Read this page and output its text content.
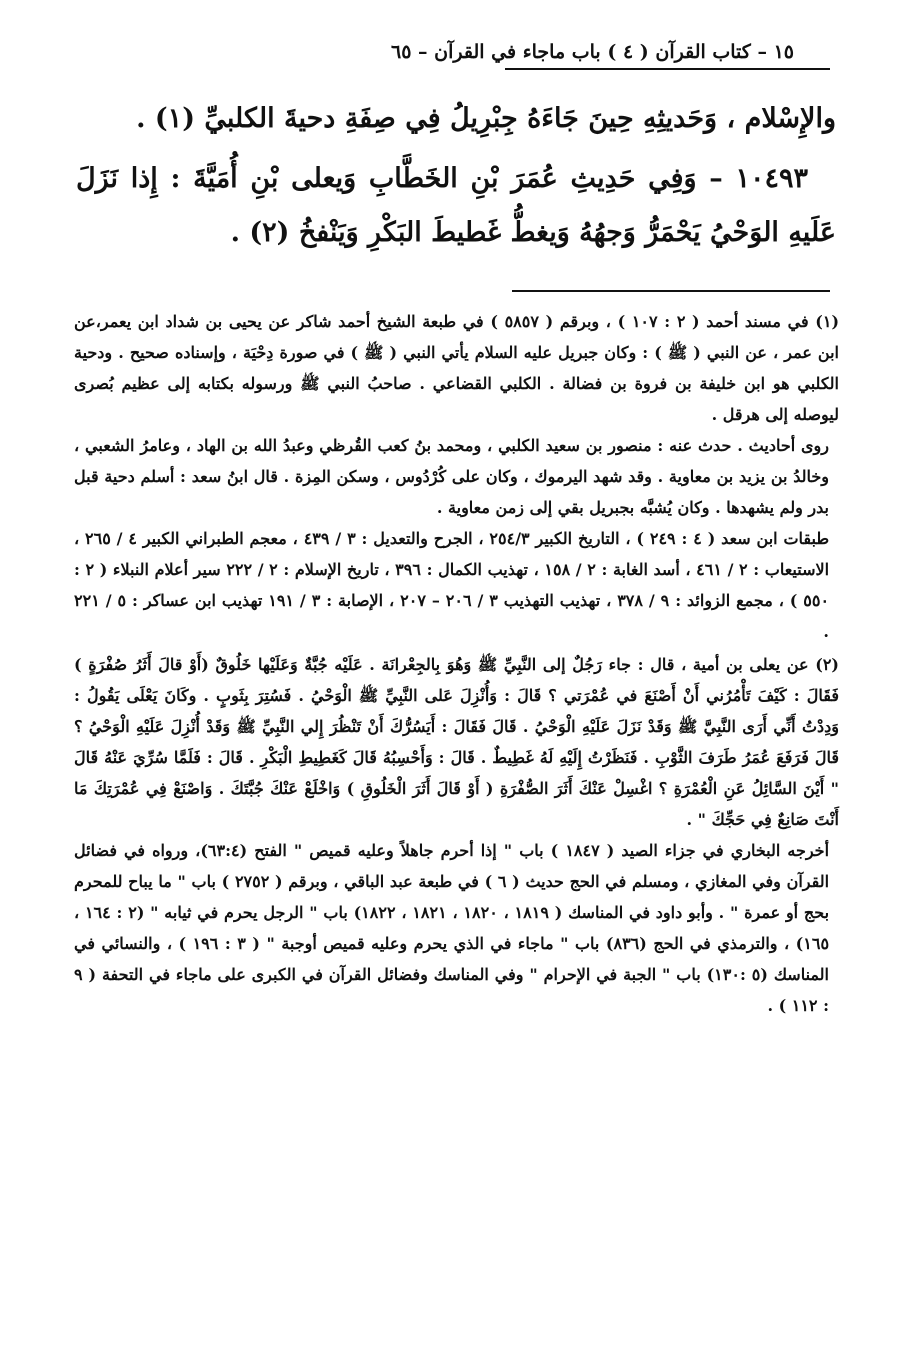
١٥ – كتاب القرآن ( ٤ ) باب ماجاء في القرآن – ٦٥

والإِسْلام ، وَحَديثِهِ حِينَ جَاءَهُ جِبْرِيلُ فِي صِفَةِ دحيةَ الكلبيِّ (١) .

١٠٤٩٣ – وَفِي حَدِيثِ عُمَرَ بْنِ الخَطَّابِ وَيعلى بْنِ أُمَيَّةَ : إِذا نَزَلَ عَلَيهِ الوَحْيُ يَحْمَرُّ وَجهُهُ وَيغطُّ غَطيطَ البَكْرِ وَيَنْفخُ (٢) .

(١) في مسند أحمد ( ٢ : ١٠٧ ) ، وبرقم ( ٥٨٥٧ ) في طبعة الشيخ أحمد شاكر عن يحيى بن شداد ابن يعمر،عن ابن عمر ، عن النبي ( ﷺ ) : وكان جبريل عليه السلام يأتي النبي ( ﷺ ) في صورة دِحْيَة ، وإسناده صحيح . ودحية الكلبي هو ابن خليفة بن فروة بن فضالة . الكلبي القضاعي . صاحبُ النبي ﷺ ورسوله بكتابه إلى عظيم بُصرى ليوصله إلى هرقل .

روى أحاديث . حدث عنه : منصور بن سعيد الكلبي ، ومحمد بنُ كعب القُرظي وعبدُ الله بن الهاد ، وعامرُ الشعبي ، وخالدُ بن يزيد بن معاوية . وقد شهد اليرموك ، وكان على كُرْدُوس ، وسكن المِزة . قال ابنُ سعد : أسلم دحية قبل بدر ولم يشهدها . وكان يُشبَّه بجبريل بقي إلى زمن معاوية .

طبقات ابن سعد ( ٤ : ٢٤٩ ) ، التاريخ الكبير ٢٥٤/٣ ، الجرح والتعديل : ٣ / ٤٣٩ ، معجم الطبراني الكبير ٤ / ٢٦٥ ، الاستيعاب : ٢ / ٤٦١ ، أسد الغابة : ٢ / ١٥٨ ، تهذيب الكمال : ٣٩٦ ، تاريخ الإسلام : ٢ / ٢٢٢ سير أعلام النبلاء ( ٢ : ٥٥٠ ) ، مجمع الزوائد : ٩ / ٣٧٨ ، تهذيب التهذيب ٣ / ٢٠٦ – ٢٠٧ ، الإصابة : ٣ / ١٩١ تهذيب ابن عساكر : ٥ / ٢٢١ .

(٢) عن يعلى بن أمية ، قال : جاء رَجُلٌ إلى النَّبِيِّ ﷺ وَهُوَ بِالجِعْرانَة . عَلَيْه جُبَّةٌ وَعَلَيْها خَلُوقٌ (أَوْ قالَ أَثَرُ صُفْرَةٍ ) فَقَالَ : كَيْفَ تَأْمُرُني أَنْ أَصْنَعَ في عُمْرَتي ؟ قَالَ : وَأُنْزِلَ عَلى النَّبِيِّ ﷺ الْوَحْيُ . فَسُتِرَ بِثَوبٍ . وكَانَ يَعْلَى يَقُولُ : وَدِدْتُ أَنِّي أَرَى النَّبِيَّ ﷺ وَقَدْ نَزَلَ عَلَيْهِ الْوَحْيُ . قَالَ فَقَالَ : أَيَسُرُّكَ أَنْ تَنْظُرَ إِلي النَّبِيِّ ﷺ وَقَدْ أُنْزِلَ عَلَيْهِ الْوَحْيُ ؟ قَالَ فَرَفَعَ عُمَرُ طَرَفَ الثَّوْبِ . فَنَظَرْتُ إِلَيْهِ لَهُ غَطِيطٌ . قَالَ : وَأَحْسِبُهُ قَالَ كَغَطِيطِ الْبَكْرِ . قَالَ : فَلَمَّا سُرِّيَ عَنْهُ قَالَ " أَيْنَ السَّائِلُ عَنِ الْعُمْرَةِ ؟ اغْسِلْ عَنْكَ أَثَرَ الصُّفْرَةِ ( أَوْ قَالَ أَثَرَ الْخَلُوقِ ) وَاخْلَعْ عَنْكَ جُبَّتَكَ . وَاصْنَعْ فِي عُمْرَتِكَ مَا أَنْتَ صَانِعٌ فِي حَجِّكَ " .

أخرجه البخاري في جزاء الصيد ( ١٨٤٧ ) باب " إذا أحرم جاهلاً وعليه قميص " الفتح (٦٣:٤)، ورواه في فضائل القرآن وفي المغازي ، ومسلم في الحج حديث ( ٦ ) في طبعة عبد الباقي ، وبرقم ( ٢٧٥٢ ) باب " ما يباح للمحرم بحج أو عمرة " . وأبو داود في المناسك ( ١٨١٩ ، ١٨٢٠ ، ١٨٢١ ، ١٨٢٢) باب " الرجل يحرم في ثيابه " (٢ : ١٦٤ ، ١٦٥) ، والترمذي في الحج (٨٣٦) باب " ماجاء في الذي يحرم وعليه قميص أوجبة " ( ٣ : ١٩٦ ) ، والنسائي في المناسك (٥ :١٣٠) باب " الجبة في الإحرام " وفي المناسك وفضائل القرآن في الكبرى على ماجاء في التحفة ( ٩ : ١١٢ ) .
